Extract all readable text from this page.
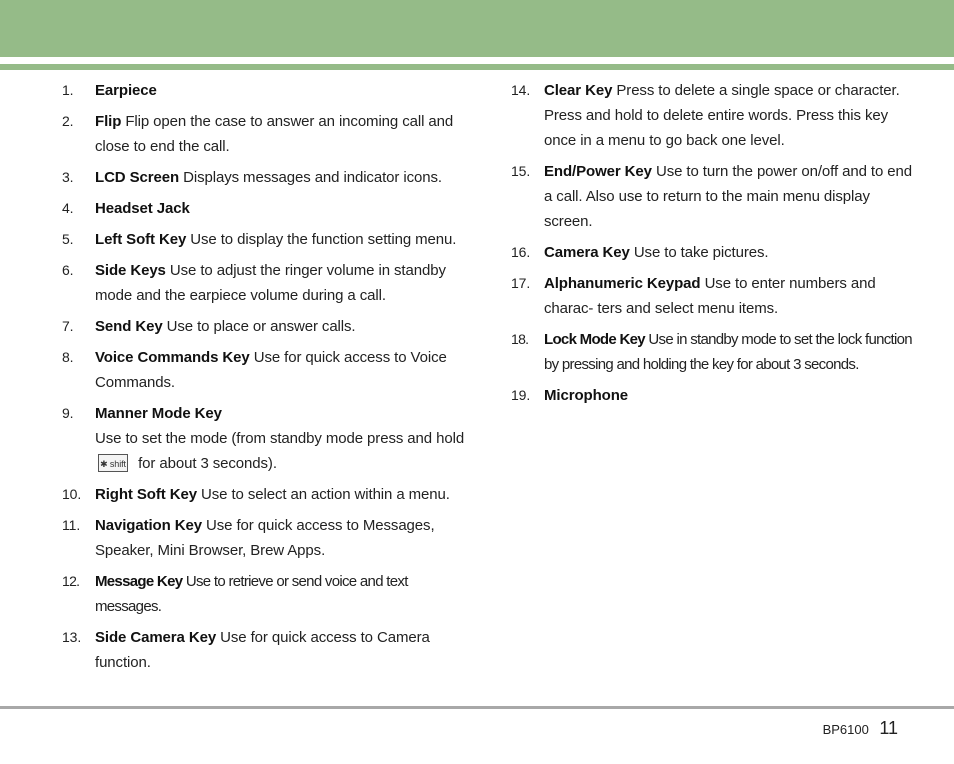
1. Earpiece
2. Flip Flip open the case to answer an incoming call and close to end the call.
3. LCD Screen Displays messages and indicator icons.
4. Headset Jack
5. Left Soft Key Use to display the function setting menu.
6. Side Keys Use to adjust the ringer volume in standby mode and the earpiece volume during a call.
7. Send Key Use to place or answer calls.
8. Voice Commands Key Use for quick access to Voice Commands.
9. Manner Mode Key
Use to set the mode (from standby mode press and hold ✱ shift for about 3 seconds).
10. Right Soft Key Use to select an action within a menu.
11. Navigation Key Use for quick access to Messages, Speaker, Mini Browser, Brew Apps.
12. Message Key Use to retrieve or send voice and text messages.
13. Side Camera Key Use for quick access to Camera function.
14. Clear Key Press to delete a single space or character. Press and hold to delete entire words. Press this key once in a menu to go back one level.
15. End/Power Key Use to turn the power on/off and to end a call. Also use to return to the main menu display screen.
16. Camera Key Use to take pictures.
17. Alphanumeric Keypad Use to enter numbers and charac- ters and select menu items.
18. Lock Mode Key Use in standby mode to set the lock function by pressing and holding the key for about 3 seconds.
19. Microphone
BP6100 11
